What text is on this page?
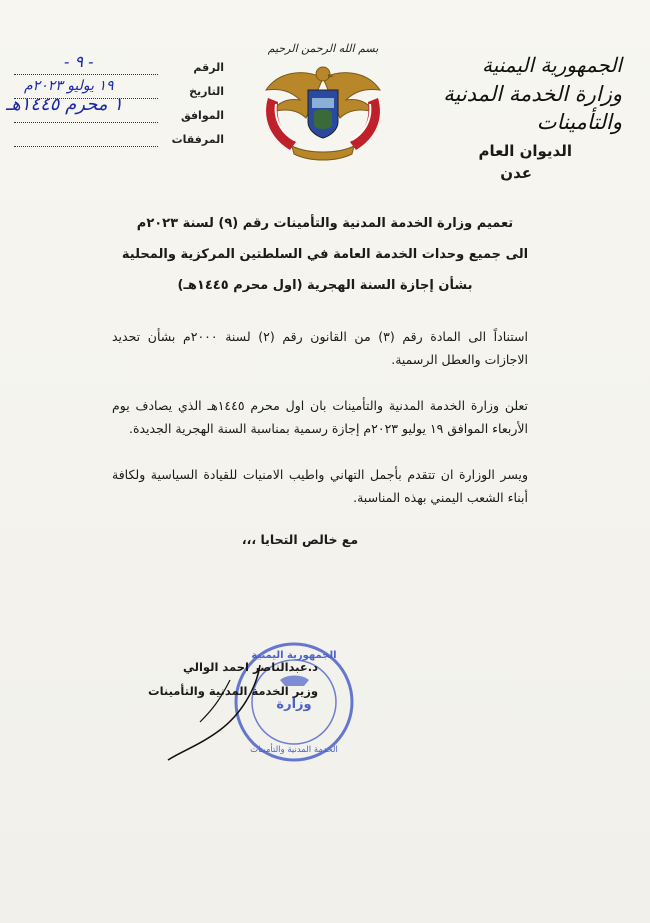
الجمهورية اليمنية
وزارة الخدمة المدنية والتأمينات
الديوان العام
عدن
بسم الله الرحمن الرحيم
الرقم
- ٩ -
التاريخ
١٩ يوليو ٢٠٢٣م
الموافق
١ محرم ١٤٤٥هـ
المرفقات
تعميم وزارة الخدمة المدنية والتأمينات رقم (٩) لسنة ٢٠٢٣م
الى جميع وحدات الخدمة العامة في السلطتين المركزية والمحلية
بشأن إجازة السنة الهجرية (اول محرم ١٤٤٥هـ)

استناداً الى المادة رقم (٣) من القانون رقم (٢) لسنة ٢٠٠٠م بشأن تحديد الاجازات والعطل الرسمية.

تعلن وزارة الخدمة المدنية والتأمينات بان اول محرم ١٤٤٥هـ الذي يصادف يوم الأربعاء الموافق ١٩ يوليو ٢٠٢٣م إجازة رسمية بمناسبة السنة الهجرية الجديدة.

ويسر الوزارة ان تتقدم بأجمل التهاني واطيب الامنيات للقيادة السياسية ولكافة أبناء الشعب اليمني بهذه المناسبة.

مع خالص التحايا ،،،
الجمهورية اليمنية
وزارة
الخدمة المدنية والتأمينات
د.عبدالناصر احمد الوالي
وزير الخدمة المدنية والتأمينات
